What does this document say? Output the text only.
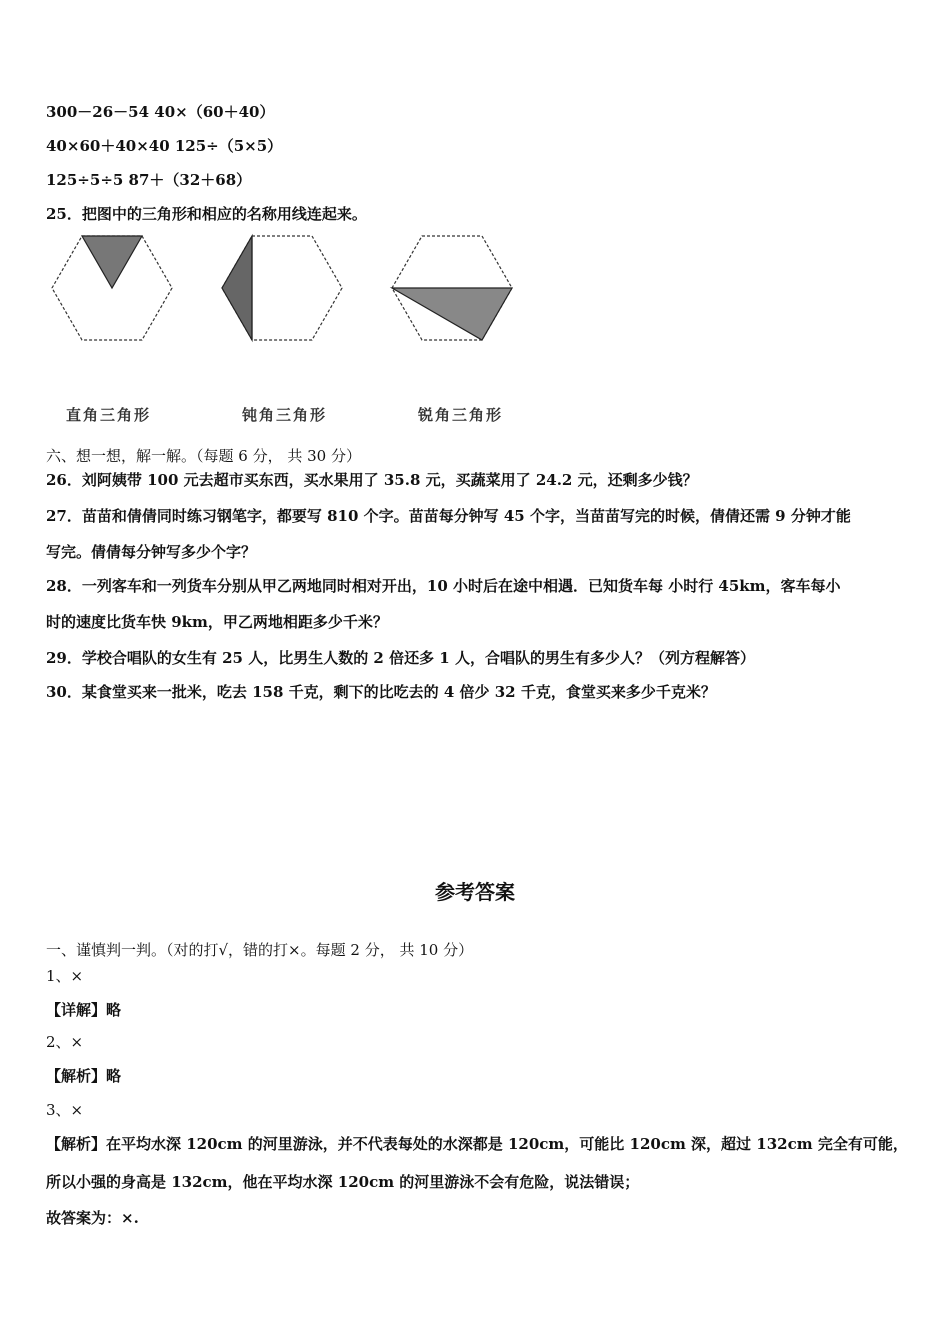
300－26－54 40×（60＋40）
40×60＋40×40 125÷（5×5）
125÷5÷5 87＋（32＋68）
25．把图中的三角形和相应的名称用线连起来。
直角三角形	钝角三角形	锐角三角形
六、想一想，解一解。（每题 6 分， 共 30 分）
26．刘阿姨带 100 元去超市买东西，买水果用了 35.8 元，买蔬菜用了 24.2 元，还剩多少钱？
27．苗苗和倩倩同时练习钢笔字，都要写 810 个字。苗苗每分钟写 45 个字，当苗苗写完的时候，倩倩还需 9 分钟才能
写完。倩倩每分钟写多少个字？
28．一列客车和一列货车分别从甲乙两地同时相对开出，10 小时后在途中相遇．已知货车每 小时行 45km，客车每小
时的速度比货车快 9km，甲乙两地相距多少千米？
29．学校合唱队的女生有 25 人，比男生人数的 2 倍还多 1 人，合唱队的男生有多少人？（列方程解答）
30．某食堂买来一批米，吃去 158 千克，剩下的比吃去的 4 倍少 32 千克，食堂买来多少千克米？
参考答案
一、谨慎判一判。（对的打√，错的打×。每题 2 分， 共 10 分）
1、×
【详解】略
2、×
【解析】略
3、×
【解析】在平均水深 120cm 的河里游泳，并不代表每处的水深都是 120cm，可能比 120cm 深，超过 132cm 完全有可能，
所以小强的身高是 132cm，他在平均水深 120cm 的河里游泳不会有危险，说法错误；
故答案为：×.
